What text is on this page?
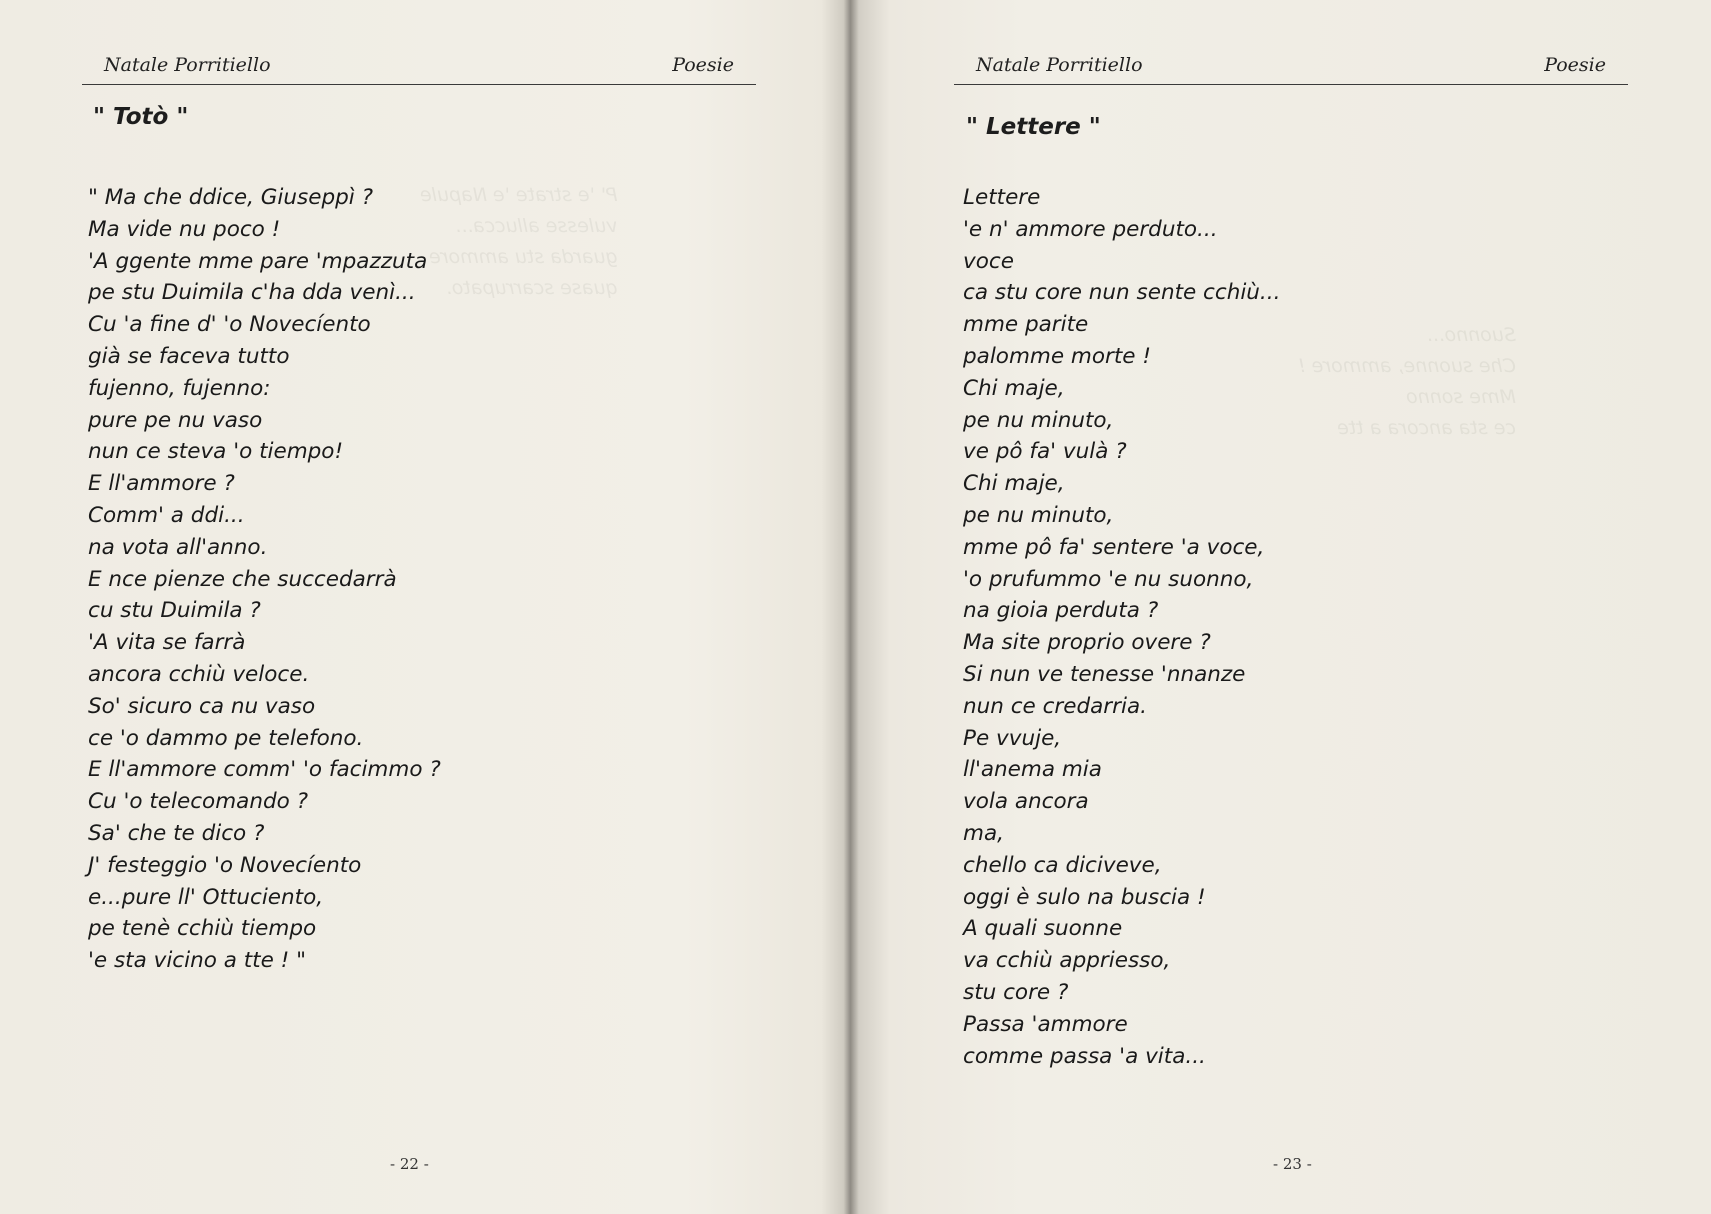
P' 'e strate 'e Napule
vulesse allucca...
guarda stu ammore
quase scarrupato.
Natale Porritiello	Poesie
" Totò "
" Ma che ddice, Giuseppì ?
Ma vide nu poco !
'A ggente mme pare 'mpazzuta
pe stu Duimila c'ha dda venì...
Cu 'a fine d' 'o Novecíento
già se faceva tutto
fujenno, fujenno:
pure pe nu vaso
nun ce steva 'o tiempo!
E ll'ammore ?
Comm' a ddi...
na vota all'anno.
E nce pienze che succedarrà
cu stu Duimila ?
'A vita se farrà
ancora cchiù veloce.
So' sicuro ca nu vaso
ce 'o dammo pe telefono.
E ll'ammore comm' 'o facimmo ?
Cu 'o telecomando ?
Sa' che te dico ?
J' festeggio 'o Novecíento
e...pure ll' Ottuciento,
pe tenè cchiù tiempo
'e sta vicino a tte ! "
- 22 -
Suonno...
Che suonne, ammore !
Mme sonno
ce sta ancora a tte
Natale Porritiello	Poesie
" Lettere "
Lettere
'e n' ammore perduto...
voce
ca stu core nun sente cchiù...
mme parite
palomme morte !
Chi maje,
pe nu minuto,
ve pô fa' vulà ?
Chi maje,
pe nu minuto,
mme pô fa' sentere 'a voce,
'o prufummo 'e nu suonno,
na gioia perduta ?
Ma site proprio overe ?
Si nun ve tenesse 'nnanze
nun ce credarria.
Pe vvuje,
ll'anema mia
vola ancora
ma,
chello ca diciveve,
oggi è sulo na buscia !
A quali suonne
va cchiù appriesso,
stu core ?
Passa 'ammore
comme passa 'a vita...
- 23 -
